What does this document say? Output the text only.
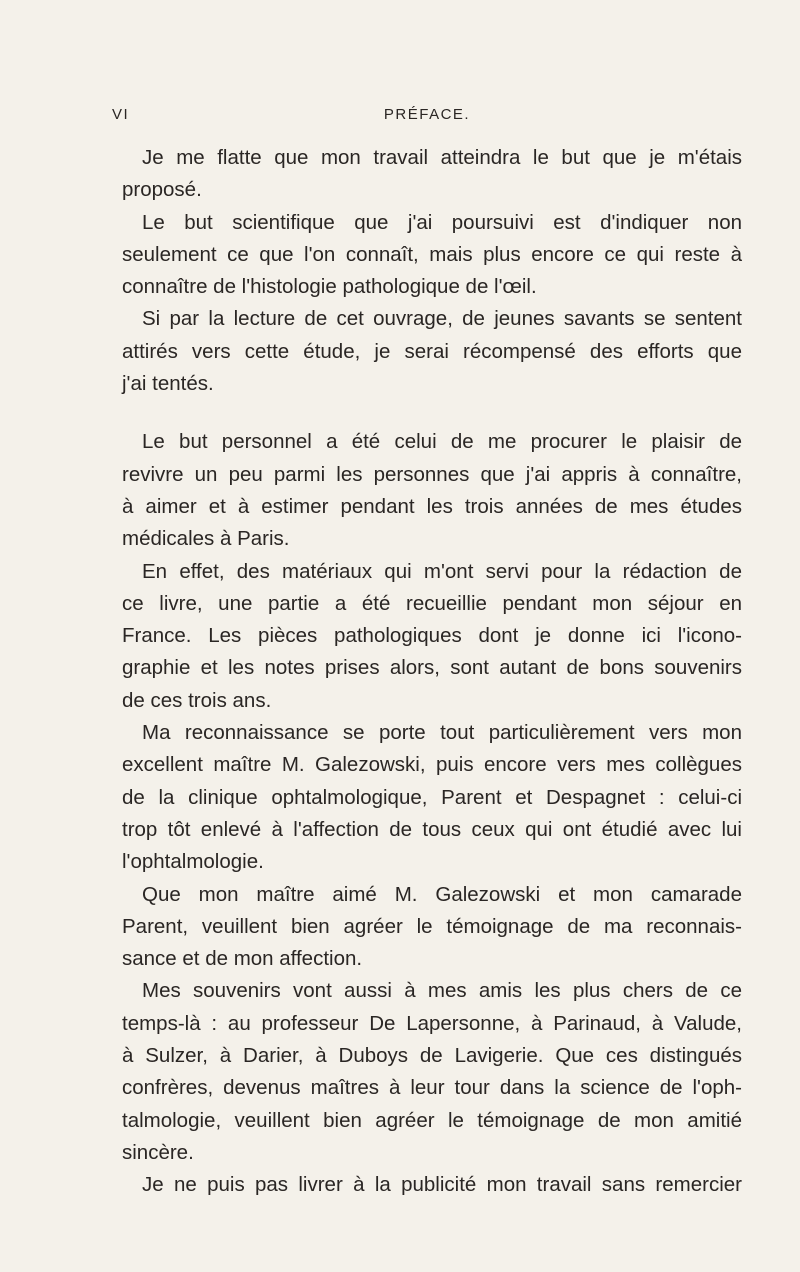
VI	PRÉFACE.
Je me flatte que mon travail atteindra le but que je m'étais
proposé.
Le but scientifique que j'ai poursuivi est d'indiquer non
seulement ce que l'on connaît, mais plus encore ce qui reste à
connaître de l'histologie pathologique de l'œil.
Si par la lecture de cet ouvrage, de jeunes savants se sentent
attirés vers cette étude, je serai récompensé des efforts que
j'ai tentés.
Le but personnel a été celui de me procurer le plaisir de
revivre un peu parmi les personnes que j'ai appris à connaître,
à aimer et à estimer pendant les trois années de mes études
médicales à Paris.
En effet, des matériaux qui m'ont servi pour la rédaction de
ce livre, une partie a été recueillie pendant mon séjour en
France. Les pièces pathologiques dont je donne ici l'icono-
graphie et les notes prises alors, sont autant de bons souvenirs
de ces trois ans.
Ma reconnaissance se porte tout particulièrement vers mon
excellent maître M. Galezowski, puis encore vers mes collègues
de la clinique ophtalmologique, Parent et Despagnet : celui-ci
trop tôt enlevé à l'affection de tous ceux qui ont étudié avec lui
l'ophtalmologie.
Que mon maître aimé M. Galezowski et mon camarade
Parent, veuillent bien agréer le témoignage de ma reconnais-
sance et de mon affection.
Mes souvenirs vont aussi à mes amis les plus chers de ce
temps-là : au professeur De Lapersonne, à Parinaud, à Valude,
à Sulzer, à Darier, à Duboys de Lavigerie. Que ces distingués
confrères, devenus maîtres à leur tour dans la science de l'oph-
talmologie, veuillent bien agréer le témoignage de mon amitié
sincère.
Je ne puis pas livrer à la publicité mon travail sans remercier
